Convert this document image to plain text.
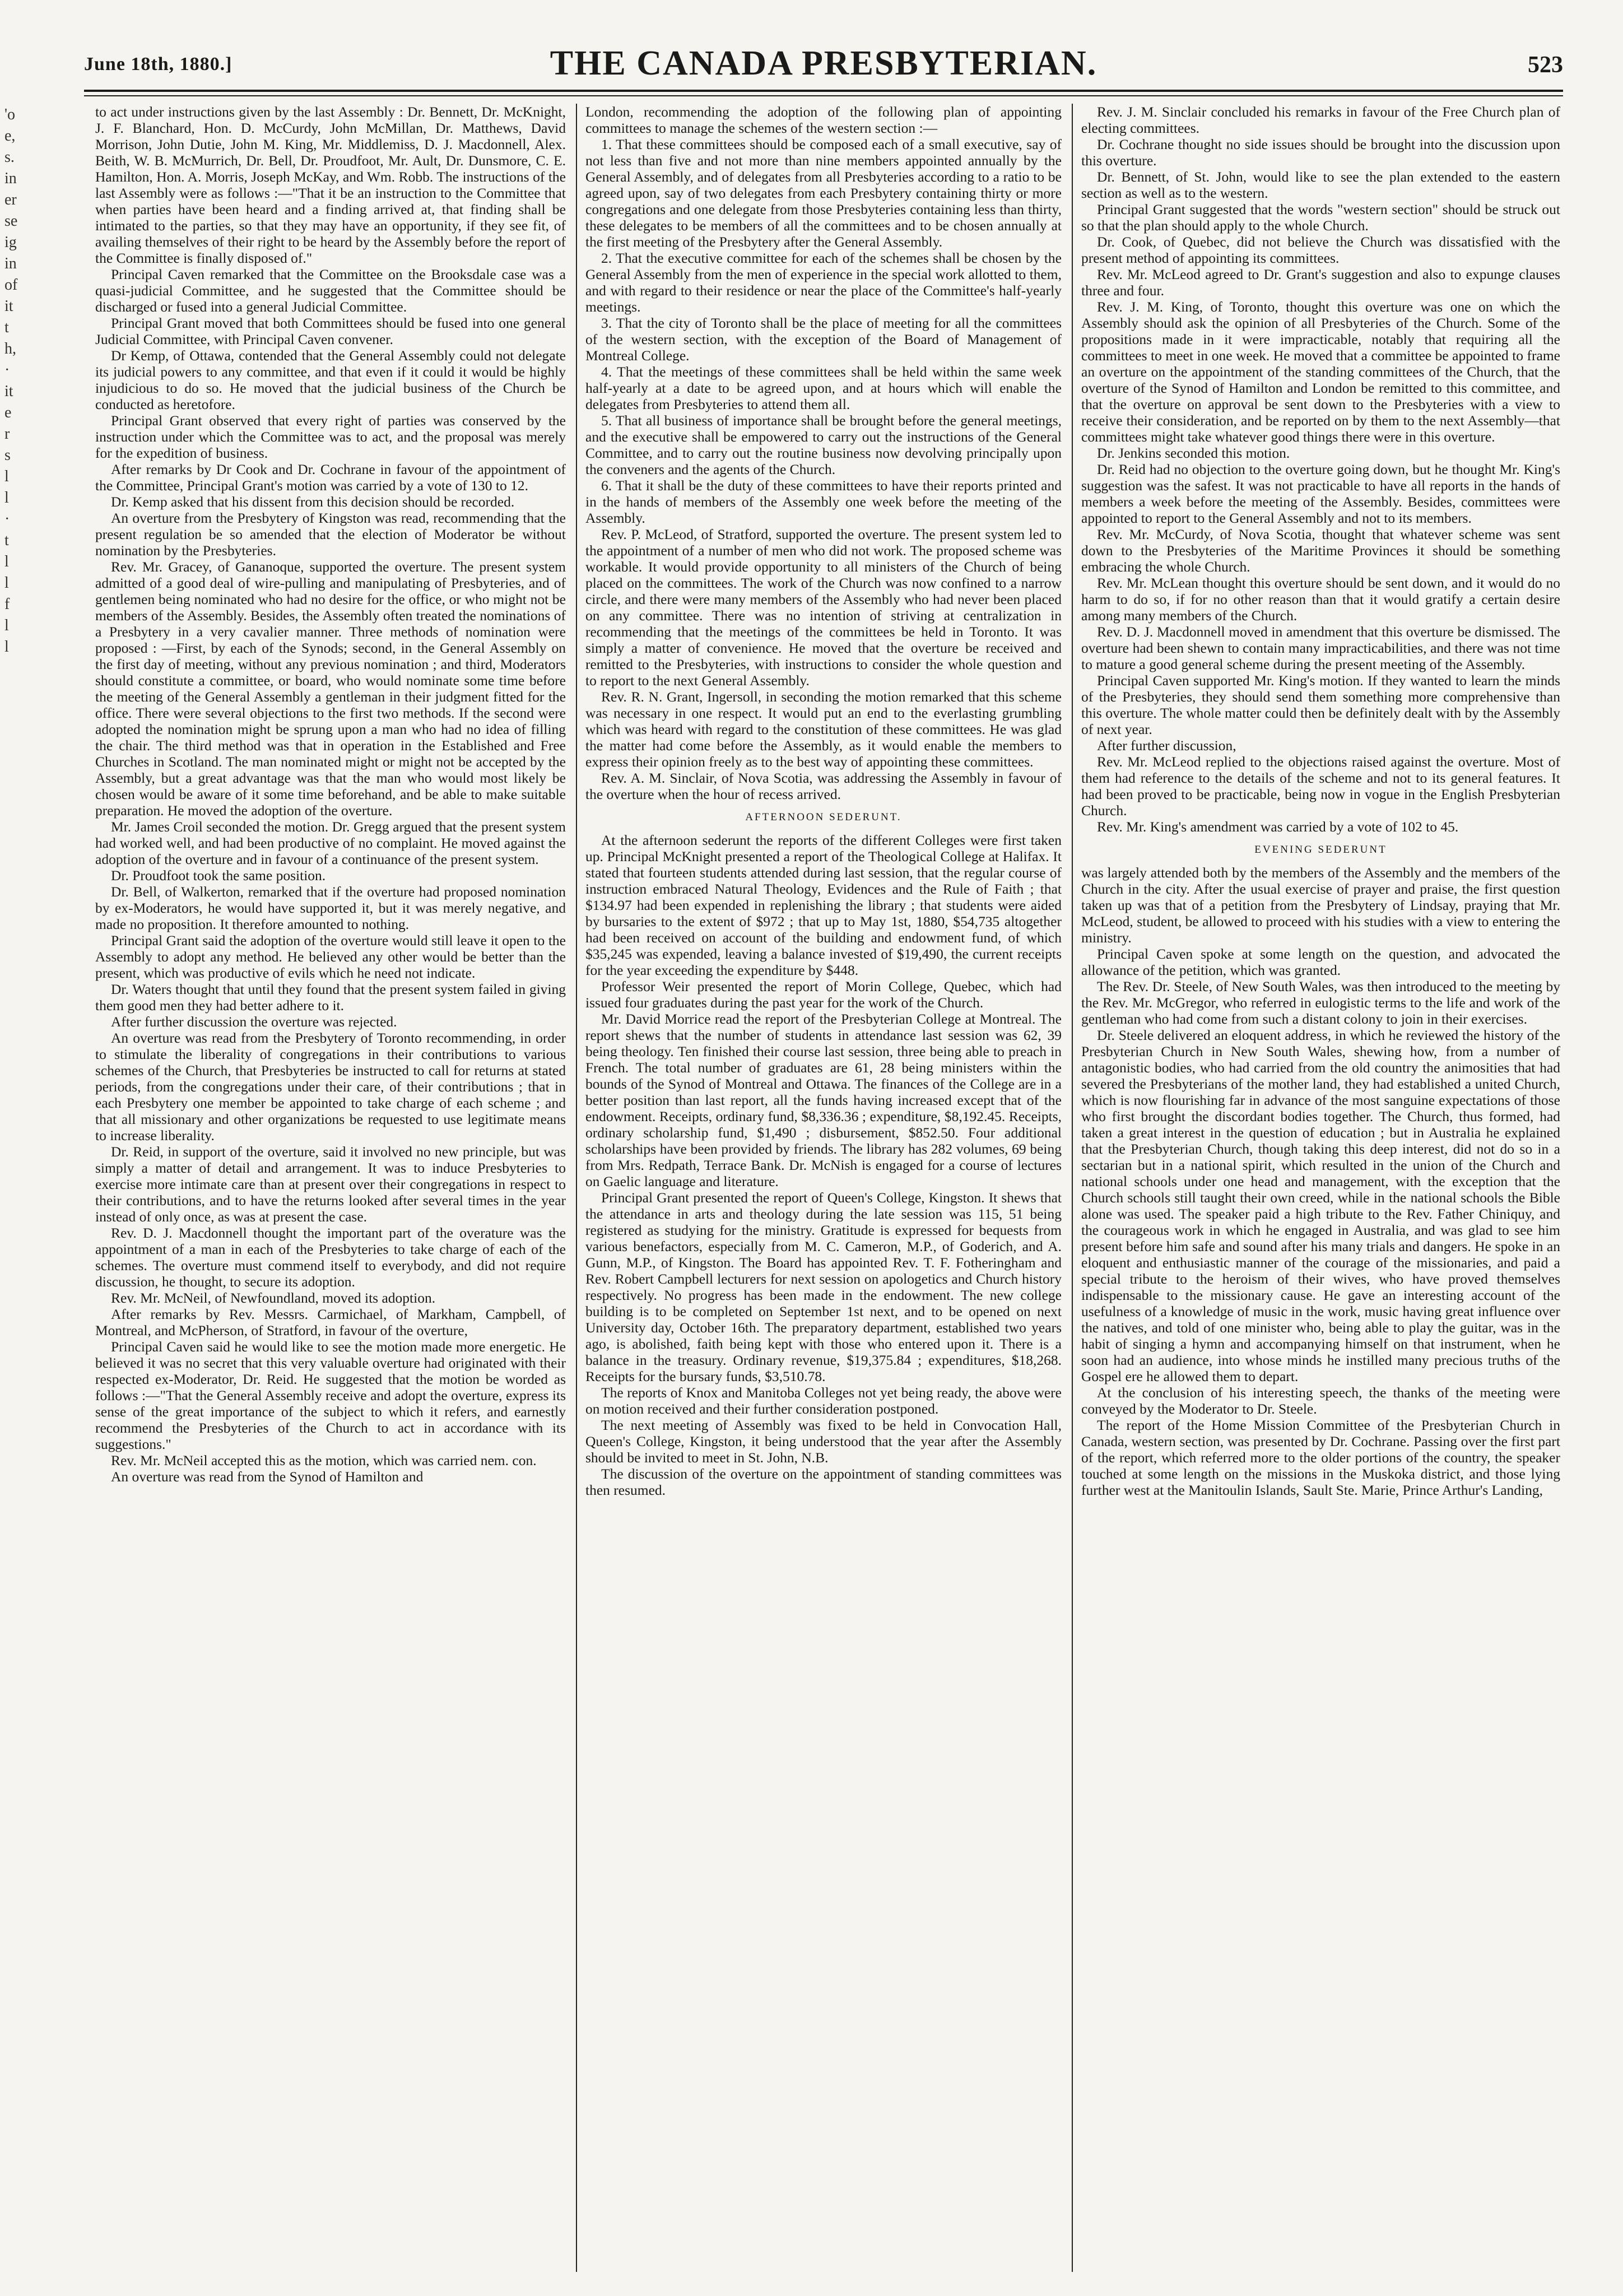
June 18th, 1880.]	THE CANADA PRESBYTERIAN.	523
'o
e,
s.
in
er
se
ig
in
of
it
t
h,
·
it
e
r
s
l
l
·
t
l
l
f
l
l

to act under instructions given by the last Assembly : Dr. Bennett, Dr. McKnight, J. F. Blanchard, Hon. D. McCurdy, John McMillan, Dr. Matthews, David Morrison, John Dutie, John M. King, Mr. Middlemiss, D. J. Macdonnell, Alex. Beith, W. B. McMurrich, Dr. Bell, Dr. Proudfoot, Mr. Ault, Dr. Dunsmore, C. E. Hamilton, Hon. A. Morris, Joseph McKay, and Wm. Robb. The instructions of the last Assembly were as follows :—"That it be an instruction to the Committee that when parties have been heard and a finding arrived at, that finding shall be intimated to the parties, so that they may have an opportunity, if they see fit, of availing themselves of their right to be heard by the Assembly before the report of the Committee is finally disposed of."

Principal Caven remarked that the Committee on the Brooksdale case was a quasi-judicial Committee, and he suggested that the Committee should be discharged or fused into a general Judicial Committee.

Principal Grant moved that both Committees should be fused into one general Judicial Committee, with Principal Caven convener.

Dr Kemp, of Ottawa, contended that the General Assembly could not delegate its judicial powers to any committee, and that even if it could it would be highly injudicious to do so. He moved that the judicial business of the Church be conducted as heretofore.

Principal Grant observed that every right of parties was conserved by the instruction under which the Committee was to act, and the proposal was merely for the expedition of business.

After remarks by Dr Cook and Dr. Cochrane in favour of the appointment of the Committee, Principal Grant's motion was carried by a vote of 130 to 12.

Dr. Kemp asked that his dissent from this decision should be recorded.

An overture from the Presbytery of Kingston was read, recommending that the present regulation be so amended that the election of Moderator be without nomination by the Presbyteries.

Rev. Mr. Gracey, of Gananoque, supported the overture. The present system admitted of a good deal of wire-pulling and manipulating of Presbyteries, and of gentlemen being nominated who had no desire for the office, or who might not be members of the Assembly. Besides, the Assembly often treated the nominations of a Presbytery in a very cavalier manner. Three methods of nomination were proposed : —First, by each of the Synods; second, in the General Assembly on the first day of meeting, without any previous nomination ; and third, Moderators should constitute a committee, or board, who would nominate some time before the meeting of the General Assembly a gentleman in their judgment fitted for the office. There were several objections to the first two methods. If the second were adopted the nomination might be sprung upon a man who had no idea of filling the chair. The third method was that in operation in the Established and Free Churches in Scotland. The man nominated might or might not be accepted by the Assembly, but a great advantage was that the man who would most likely be chosen would be aware of it some time beforehand, and be able to make suitable preparation. He moved the adoption of the overture.

Mr. James Croil seconded the motion. Dr. Gregg argued that the present system had worked well, and had been productive of no complaint. He moved against the adoption of the overture and in favour of a continuance of the present system.

Dr. Proudfoot took the same position.

Dr. Bell, of Walkerton, remarked that if the overture had proposed nomination by ex-Moderators, he would have supported it, but it was merely negative, and made no proposition. It therefore amounted to nothing.

Principal Grant said the adoption of the overture would still leave it open to the Assembly to adopt any method. He believed any other would be better than the present, which was productive of evils which he need not indicate.

Dr. Waters thought that until they found that the present system failed in giving them good men they had better adhere to it.

After further discussion the overture was rejected.

An overture was read from the Presbytery of Toronto recommending, in order to stimulate the liberality of congregations in their contributions to various schemes of the Church, that Presbyteries be instructed to call for returns at stated periods, from the congregations under their care, of their contributions ; that in each Presbytery one member be appointed to take charge of each scheme ; and that all missionary and other organizations be requested to use legitimate means to increase liberality.

Dr. Reid, in support of the overture, said it involved no new principle, but was simply a matter of detail and arrangement. It was to induce Presbyteries to exercise more intimate care than at present over their congregations in respect to their contributions, and to have the returns looked after several times in the year instead of only once, as was at present the case.

Rev. D. J. Macdonnell thought the important part of the overature was the appointment of a man in each of the Presbyteries to take charge of each of the schemes. The overture must commend itself to everybody, and did not require discussion, he thought, to secure its adoption.

Rev. Mr. McNeil, of Newfoundland, moved its adoption.

After remarks by Rev. Messrs. Carmichael, of Markham, Campbell, of Montreal, and McPherson, of Stratford, in favour of the overture,

Principal Caven said he would like to see the motion made more energetic. He believed it was no secret that this very valuable overture had originated with their respected ex-Moderator, Dr. Reid. He suggested that the motion be worded as follows :—"That the General Assembly receive and adopt the overture, express its sense of the great importance of the subject to which it refers, and earnestly recommend the Presbyteries of the Church to act in accordance with its suggestions."

Rev. Mr. McNeil accepted this as the motion, which was carried nem. con.

An overture was read from the Synod of Hamilton and

London, recommending the adoption of the following plan of appointing committees to manage the schemes of the western section :—

1. That these committees should be composed each of a small executive, say of not less than five and not more than nine members appointed annually by the General Assembly, and of delegates from all Presbyteries according to a ratio to be agreed upon, say of two delegates from each Presbytery containing thirty or more congregations and one delegate from those Presbyteries containing less than thirty, these delegates to be members of all the committees and to be chosen annually at the first meeting of the Presbytery after the General Assembly.

2. That the executive committee for each of the schemes shall be chosen by the General Assembly from the men of experience in the special work allotted to them, and with regard to their residence or near the place of the Committee's half-yearly meetings.

3. That the city of Toronto shall be the place of meeting for all the committees of the western section, with the exception of the Board of Management of Montreal College.

4. That the meetings of these committees shall be held within the same week half-yearly at a date to be agreed upon, and at hours which will enable the delegates from Presbyteries to attend them all.

5. That all business of importance shall be brought before the general meetings, and the executive shall be empowered to carry out the instructions of the General Committee, and to carry out the routine business now devolving principally upon the conveners and the agents of the Church.

6. That it shall be the duty of these committees to have their reports printed and in the hands of members of the Assembly one week before the meeting of the Assembly.

Rev. P. McLeod, of Stratford, supported the overture. The present system led to the appointment of a number of men who did not work. The proposed scheme was workable. It would provide opportunity to all ministers of the Church of being placed on the committees. The work of the Church was now confined to a narrow circle, and there were many members of the Assembly who had never been placed on any committee. There was no intention of striving at centralization in recommending that the meetings of the committees be held in Toronto. It was simply a matter of convenience. He moved that the overture be received and remitted to the Presbyteries, with instructions to consider the whole question and to report to the next General Assembly.

Rev. R. N. Grant, Ingersoll, in seconding the motion remarked that this scheme was necessary in one respect. It would put an end to the everlasting grumbling which was heard with regard to the constitution of these committees. He was glad the matter had come before the Assembly, as it would enable the members to express their opinion freely as to the best way of appointing these committees.

Rev. A. M. Sinclair, of Nova Scotia, was addressing the Assembly in favour of the overture when the hour of recess arrived.

AFTERNOON SEDERUNT.

At the afternoon sederunt the reports of the different Colleges were first taken up. Principal McKnight presented a report of the Theological College at Halifax. It stated that fourteen students attended during last session, that the regular course of instruction embraced Natural Theology, Evidences and the Rule of Faith ; that $134.97 had been expended in replenishing the library ; that students were aided by bursaries to the extent of $972 ; that up to May 1st, 1880, $54,735 altogether had been received on account of the building and endowment fund, of which $35,245 was expended, leaving a balance invested of $19,490, the current receipts for the year exceeding the expenditure by $448.

Professor Weir presented the report of Morin College, Quebec, which had issued four graduates during the past year for the work of the Church.

Mr. David Morrice read the report of the Presbyterian College at Montreal. The report shews that the number of students in attendance last session was 62, 39 being theology. Ten finished their course last session, three being able to preach in French. The total number of graduates are 61, 28 being ministers within the bounds of the Synod of Montreal and Ottawa. The finances of the College are in a better position than last report, all the funds having increased except that of the endowment. Receipts, ordinary fund, $8,336.36 ; expenditure, $8,192.45. Receipts, ordinary scholarship fund, $1,490 ; disbursement, $852.50. Four additional scholarships have been provided by friends. The library has 282 volumes, 69 being from Mrs. Redpath, Terrace Bank. Dr. McNish is engaged for a course of lectures on Gaelic language and literature.

Principal Grant presented the report of Queen's College, Kingston. It shews that the attendance in arts and theology during the late session was 115, 51 being registered as studying for the ministry. Gratitude is expressed for bequests from various benefactors, especially from M. C. Cameron, M.P., of Goderich, and A. Gunn, M.P., of Kingston. The Board has appointed Rev. T. F. Fotheringham and Rev. Robert Campbell lecturers for next session on apologetics and Church history respectively. No progress has been made in the endowment. The new college building is to be completed on September 1st next, and to be opened on next University day, October 16th. The preparatory department, established two years ago, is abolished, faith being kept with those who entered upon it. There is a balance in the treasury. Ordinary revenue, $19,375.84 ; expenditures, $18,268. Receipts for the bursary funds, $3,510.78.

The reports of Knox and Manitoba Colleges not yet being ready, the above were on motion received and their further consideration postponed.

The next meeting of Assembly was fixed to be held in Convocation Hall, Queen's College, Kingston, it being understood that the year after the Assembly should be invited to meet in St. John, N.B.

The discussion of the overture on the appointment of standing committees was then resumed.

Rev. J. M. Sinclair concluded his remarks in favour of the Free Church plan of electing committees.

Dr. Cochrane thought no side issues should be brought into the discussion upon this overture.

Dr. Bennett, of St. John, would like to see the plan extended to the eastern section as well as to the western.

Principal Grant suggested that the words "western section" should be struck out so that the plan should apply to the whole Church.

Dr. Cook, of Quebec, did not believe the Church was dissatisfied with the present method of appointing its committees.

Rev. Mr. McLeod agreed to Dr. Grant's suggestion and also to expunge clauses three and four.

Rev. J. M. King, of Toronto, thought this overture was one on which the Assembly should ask the opinion of all Presbyteries of the Church. Some of the propositions made in it were impracticable, notably that requiring all the committees to meet in one week. He moved that a committee be appointed to frame an overture on the appointment of the standing committees of the Church, that the overture of the Synod of Hamilton and London be remitted to this committee, and that the overture on approval be sent down to the Presbyteries with a view to receive their consideration, and be reported on by them to the next Assembly—that committees might take whatever good things there were in this overture.

Dr. Jenkins seconded this motion.

Dr. Reid had no objection to the overture going down, but he thought Mr. King's suggestion was the safest. It was not practicable to have all reports in the hands of members a week before the meeting of the Assembly. Besides, committees were appointed to report to the General Assembly and not to its members.

Rev. Mr. McCurdy, of Nova Scotia, thought that whatever scheme was sent down to the Presbyteries of the Maritime Provinces it should be something embracing the whole Church.

Rev. Mr. McLean thought this overture should be sent down, and it would do no harm to do so, if for no other reason than that it would gratify a certain desire among many members of the Church.

Rev. D. J. Macdonnell moved in amendment that this overture be dismissed. The overture had been shewn to contain many impracticabilities, and there was not time to mature a good general scheme during the present meeting of the Assembly.

Principal Caven supported Mr. King's motion. If they wanted to learn the minds of the Presbyteries, they should send them something more comprehensive than this overture. The whole matter could then be definitely dealt with by the Assembly of next year.

After further discussion,

Rev. Mr. McLeod replied to the objections raised against the overture. Most of them had reference to the details of the scheme and not to its general features. It had been proved to be practicable, being now in vogue in the English Presbyterian Church.

Rev. Mr. King's amendment was carried by a vote of 102 to 45.

EVENING SEDERUNT

was largely attended both by the members of the Assembly and the members of the Church in the city. After the usual exercise of prayer and praise, the first question taken up was that of a petition from the Presbytery of Lindsay, praying that Mr. McLeod, student, be allowed to proceed with his studies with a view to entering the ministry.

Principal Caven spoke at some length on the question, and advocated the allowance of the petition, which was granted.

The Rev. Dr. Steele, of New South Wales, was then introduced to the meeting by the Rev. Mr. McGregor, who referred in eulogistic terms to the life and work of the gentleman who had come from such a distant colony to join in their exercises.

Dr. Steele delivered an eloquent address, in which he reviewed the history of the Presbyterian Church in New South Wales, shewing how, from a number of antagonistic bodies, who had carried from the old country the animosities that had severed the Presbyterians of the mother land, they had established a united Church, which is now flourishing far in advance of the most sanguine expectations of those who first brought the discordant bodies together. The Church, thus formed, had taken a great interest in the question of education ; but in Australia he explained that the Presbyterian Church, though taking this deep interest, did not do so in a sectarian but in a national spirit, which resulted in the union of the Church and national schools under one head and management, with the exception that the Church schools still taught their own creed, while in the national schools the Bible alone was used. The speaker paid a high tribute to the Rev. Father Chiniquy, and the courageous work in which he engaged in Australia, and was glad to see him present before him safe and sound after his many trials and dangers. He spoke in an eloquent and enthusiastic manner of the courage of the missionaries, and paid a special tribute to the heroism of their wives, who have proved themselves indispensable to the missionary cause. He gave an interesting account of the usefulness of a knowledge of music in the work, music having great influence over the natives, and told of one minister who, being able to play the guitar, was in the habit of singing a hymn and accompanying himself on that instrument, when he soon had an audience, into whose minds he instilled many precious truths of the Gospel ere he allowed them to depart.

At the conclusion of his interesting speech, the thanks of the meeting were conveyed by the Moderator to Dr. Steele.

The report of the Home Mission Committee of the Presbyterian Church in Canada, western section, was presented by Dr. Cochrane. Passing over the first part of the report, which referred more to the older portions of the country, the speaker touched at some length on the missions in the Muskoka district, and those lying further west at the Manitoulin Islands, Sault Ste. Marie, Prince Arthur's Landing,
